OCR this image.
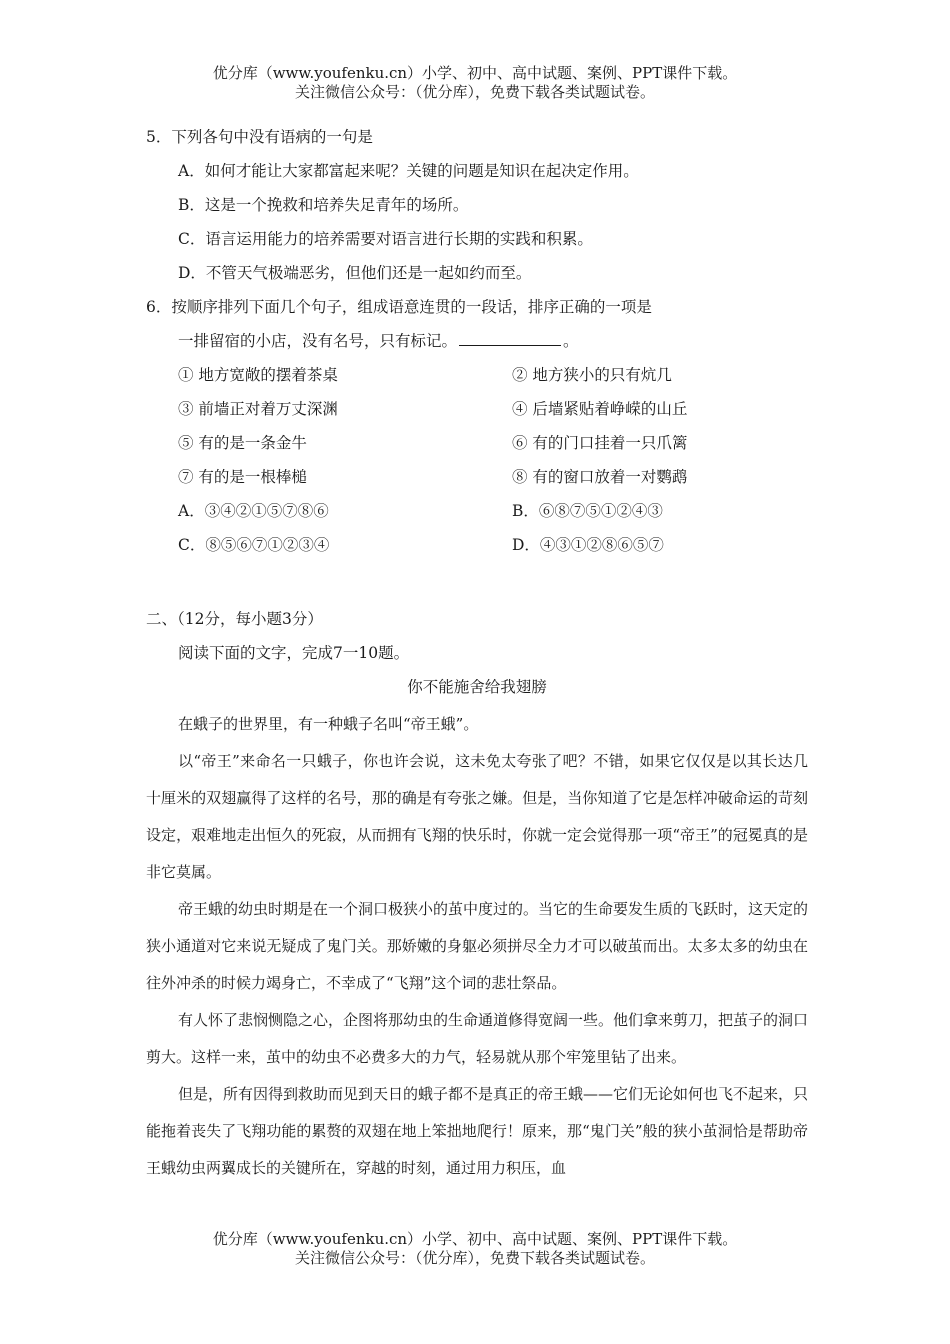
优分库（www.youfenku.cn）小学、初中、高中试题、案例、PPT课件下载。
关注微信公众号：（优分库），免费下载各类试题试卷。
5．下列各句中没有语病的一句是
A．如何才能让大家都富起来呢？关键的问题是知识在起决定作用。
B．这是一个挽救和培养失足青年的场所。
C．语言运用能力的培养需要对语言进行长期的实践和积累。
D．不管天气极端恶劣，但他们还是一起如约而至。
6．按顺序排列下面几个句子，组成语意连贯的一段话，排序正确的一项是
一排留宿的小店，没有名号，只有标记。	。
① 地方宽敞的摆着茶桌	② 地方狭小的只有炕几
③ 前墙正对着万丈深渊	④ 后墙紧贴着峥嵘的山丘
⑤ 有的是一条金牛	⑥ 有的门口挂着一只爪篱
⑦ 有的是一根棒槌	⑧ 有的窗口放着一对鹦鹉
A．③④②①⑤⑦⑧⑥	B．⑥⑧⑦⑤①②④③
C．⑧⑤⑥⑦①②③④	D．④③①②⑧⑥⑤⑦
二、（12分，每小题3分）
阅读下面的文字，完成7一10题。
你不能施舍给我翅膀

在蛾子的世界里，有一种蛾子名叫“帝王蛾”。

以“帝王”来命名一只蛾子，你也许会说，这未免太夸张了吧？不错，如果它仅仅是以其长达几十厘米的双翅赢得了这样的名号，那的确是有夸张之嫌。但是，当你知道了它是怎样冲破命运的苛刻设定，艰难地走出恒久的死寂，从而拥有飞翔的快乐时，你就一定会觉得那一项“帝王”的冠冕真的是非它莫属。

帝王蛾的幼虫时期是在一个洞口极狭小的茧中度过的。当它的生命要发生质的飞跃时，这天定的狭小通道对它来说无疑成了鬼门关。那娇嫩的身躯必须拼尽全力才可以破茧而出。太多太多的幼虫在往外冲杀的时候力竭身亡，不幸成了“飞翔”这个词的悲壮祭品。

有人怀了悲悯恻隐之心，企图将那幼虫的生命通道修得宽阔一些。他们拿来剪刀，把茧子的洞口剪大。这样一来，茧中的幼虫不必费多大的力气，轻易就从那个牢笼里钻了出来。

但是，所有因得到救助而见到天日的蛾子都不是真正的帝王蛾——它们无论如何也飞不起来，只能拖着丧失了飞翔功能的累赘的双翅在地上笨拙地爬行！原来，那“鬼门关”般的狭小茧洞恰是帮助帝王蛾幼虫两翼成长的关键所在，穿越的时刻，通过用力积压，血

优分库（www.youfenku.cn）小学、初中、高中试题、案例、PPT课件下载。
关注微信公众号：（优分库），免费下载各类试题试卷。
